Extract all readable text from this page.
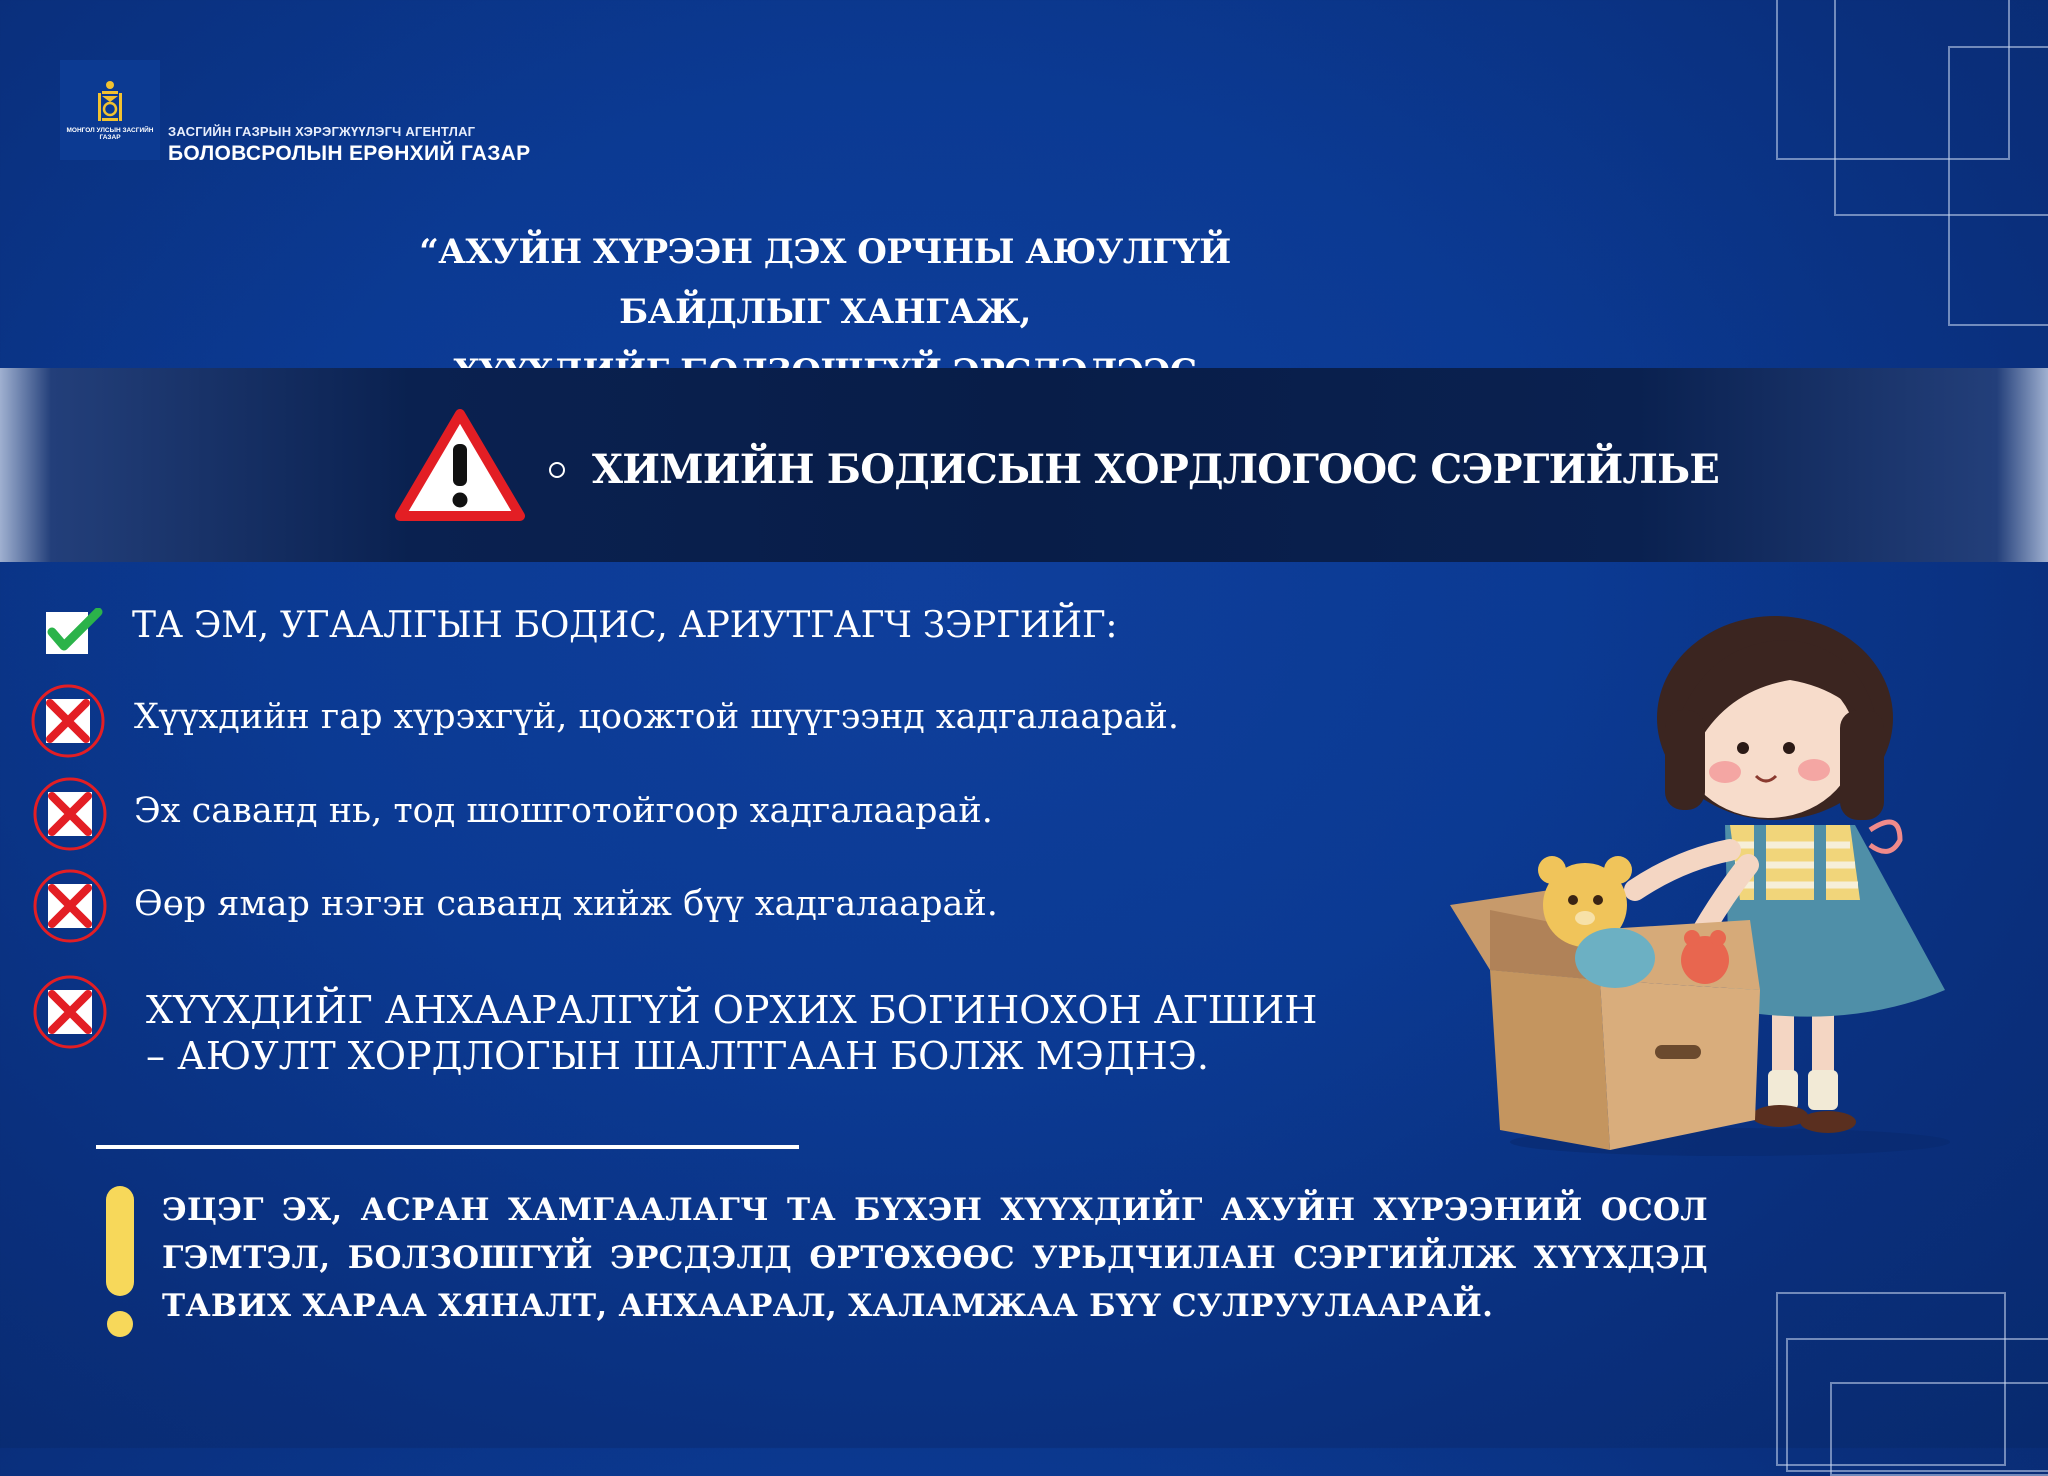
МОНГОЛ УЛСЫН ЗАСГИЙН ГАЗАР	ЗАСГИЙН ГАЗРЫН ХЭРЭГЖҮҮЛЭГЧ АГЕНТЛАГ
БОЛОВСРОЛЫН ЕРӨНХИЙ ГАЗАР
“АХУЙН ХҮРЭЭН ДЭХ ОРЧНЫ АЮУЛГҮЙ БАЙДЛЫГ ХАНГАЖ,
ХИМИЙН БОДИСЫН ХОРДЛОГООС СЭРГИЙЛЬЕ
ТА ЭМ, УГААЛГЫН БОДИС, АРИУТГАГЧ ЗЭРГИЙГ:
Хүүхдийн гар хүрэхгүй, цоожтой шүүгээнд хадгалаарай.
Эх саванд нь, тод шошготойгоор хадгалаарай.
Өөр ямар нэгэн саванд хийж бүү хадгалаарай.
ХҮҮХДИЙГ АНХААРАЛГҮЙ ОРХИХ БОГИНОХОН АГШИН
– АЮУЛТ ХОРДЛОГЫН ШАЛТГААН БОЛЖ МЭДНЭ.
ЭЦЭГ ЭХ, АСРАН ХАМГААЛАГЧ ТА БҮХЭН ХҮҮХДИЙГ АХУЙН ХҮРЭЭНИЙ ОСОЛ ГЭМТЭЛ, БОЛЗОШГҮЙ ЭРСДЭЛД ӨРТӨХӨӨС УРЬДЧИЛАН СЭРГИЙЛЖ ХҮҮХДЭД ТАВИХ ХАРАА ХЯНАЛТ, АНХААРАЛ, ХАЛАМЖАА БҮҮ СУЛРУУЛААРАЙ.
